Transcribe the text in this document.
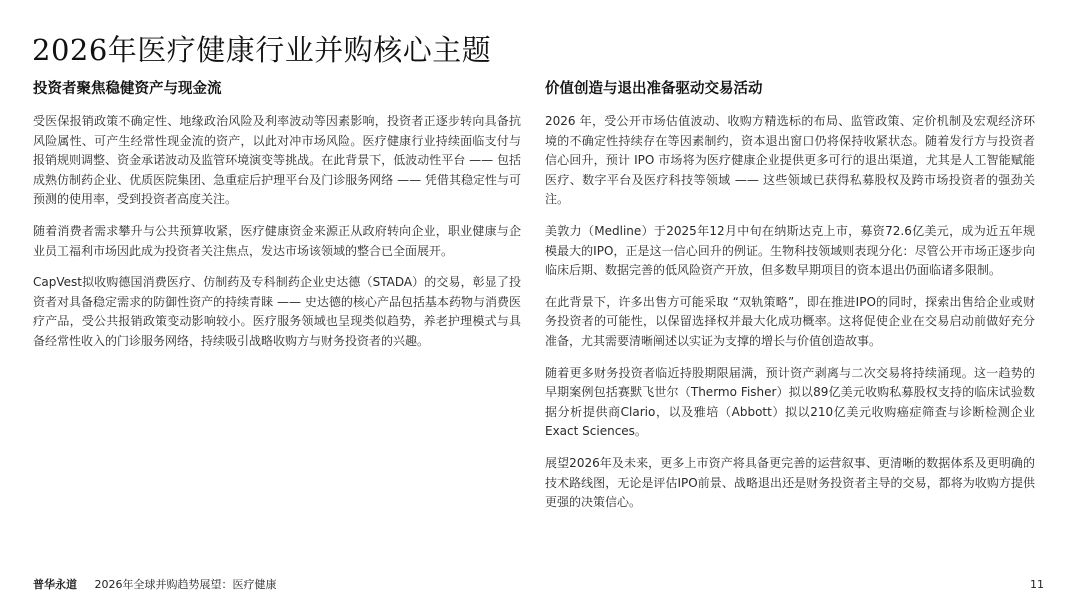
2026年医疗健康行业并购核心主题
投资者聚焦稳健资产与现金流

受医保报销政策不确定性、地缘政治风险及利率波动等因素影响，投资者正逐步转向具备抗风险属性、可产生经常性现金流的资产，以此对冲市场风险。医疗健康行业持续面临支付与报销规则调整、资金承诺波动及监管环境演变等挑战。在此背景下，低波动性平台 —— 包括成熟仿制药企业、优质医院集团、急重症后护理平台及门诊服务网络 —— 凭借其稳定性与可预测的使用率，受到投资者高度关注。

随着消费者需求攀升与公共预算收紧，医疗健康资金来源正从政府转向企业，职业健康与企业员工福利市场因此成为投资者关注焦点，发达市场该领域的整合已全面展开。

CapVest拟收购德国消费医疗、仿制药及专科制药企业史达德（STADA）的交易，彰显了投资者对具备稳定需求的防御性资产的持续青睐 —— 史达德的核心产品包括基本药物与消费医疗产品，受公共报销政策变动影响较小。医疗服务领域也呈现类似趋势，养老护理模式与具备经常性收入的门诊服务网络，持续吸引战略收购方与财务投资者的兴趣。

价值创造与退出准备驱动交易活动

2026 年，受公开市场估值波动、收购方精选标的布局、监管政策、定价机制及宏观经济环境的不确定性持续存在等因素制约，资本退出窗口仍将保持收紧状态。随着发行方与投资者信心回升，预计 IPO 市场将为医疗健康企业提供更多可行的退出渠道，尤其是人工智能赋能医疗、数字平台及医疗科技等领域 —— 这些领域已获得私募股权及跨市场投资者的强劲关注。

美敦力（Medline）于2025年12月中旬在纳斯达克上市，募资72.6亿美元，成为近五年规模最大的IPO，正是这一信心回升的例证。生物科技领域则表现分化：尽管公开市场正逐步向临床后期、数据完善的低风险资产开放，但多数早期项目的资本退出仍面临诸多限制。

在此背景下，许多出售方可能采取 “双轨策略”，即在推进IPO的同时，探索出售给企业或财务投资者的可能性，以保留选择权并最大化成功概率。这将促使企业在交易启动前做好充分准备，尤其需要清晰阐述以实证为支撑的增长与价值创造故事。

随着更多财务投资者临近持股期限届满，预计资产剥离与二次交易将持续涌现。这一趋势的早期案例包括赛默飞世尔（Thermo Fisher）拟以89亿美元收购私募股权支持的临床试验数据分析提供商Clario，以及雅培（Abbott）拟以210亿美元收购癌症筛查与诊断检测企业Exact Sciences。

展望2026年及未来，更多上市资产将具备更完善的运营叙事、更清晰的数据体系及更明确的技术路线图，无论是评估IPO前景、战略退出还是财务投资者主导的交易，都将为收购方提供更强的决策信心。

普华永道 2026年全球并购趋势展望：医疗健康	11
